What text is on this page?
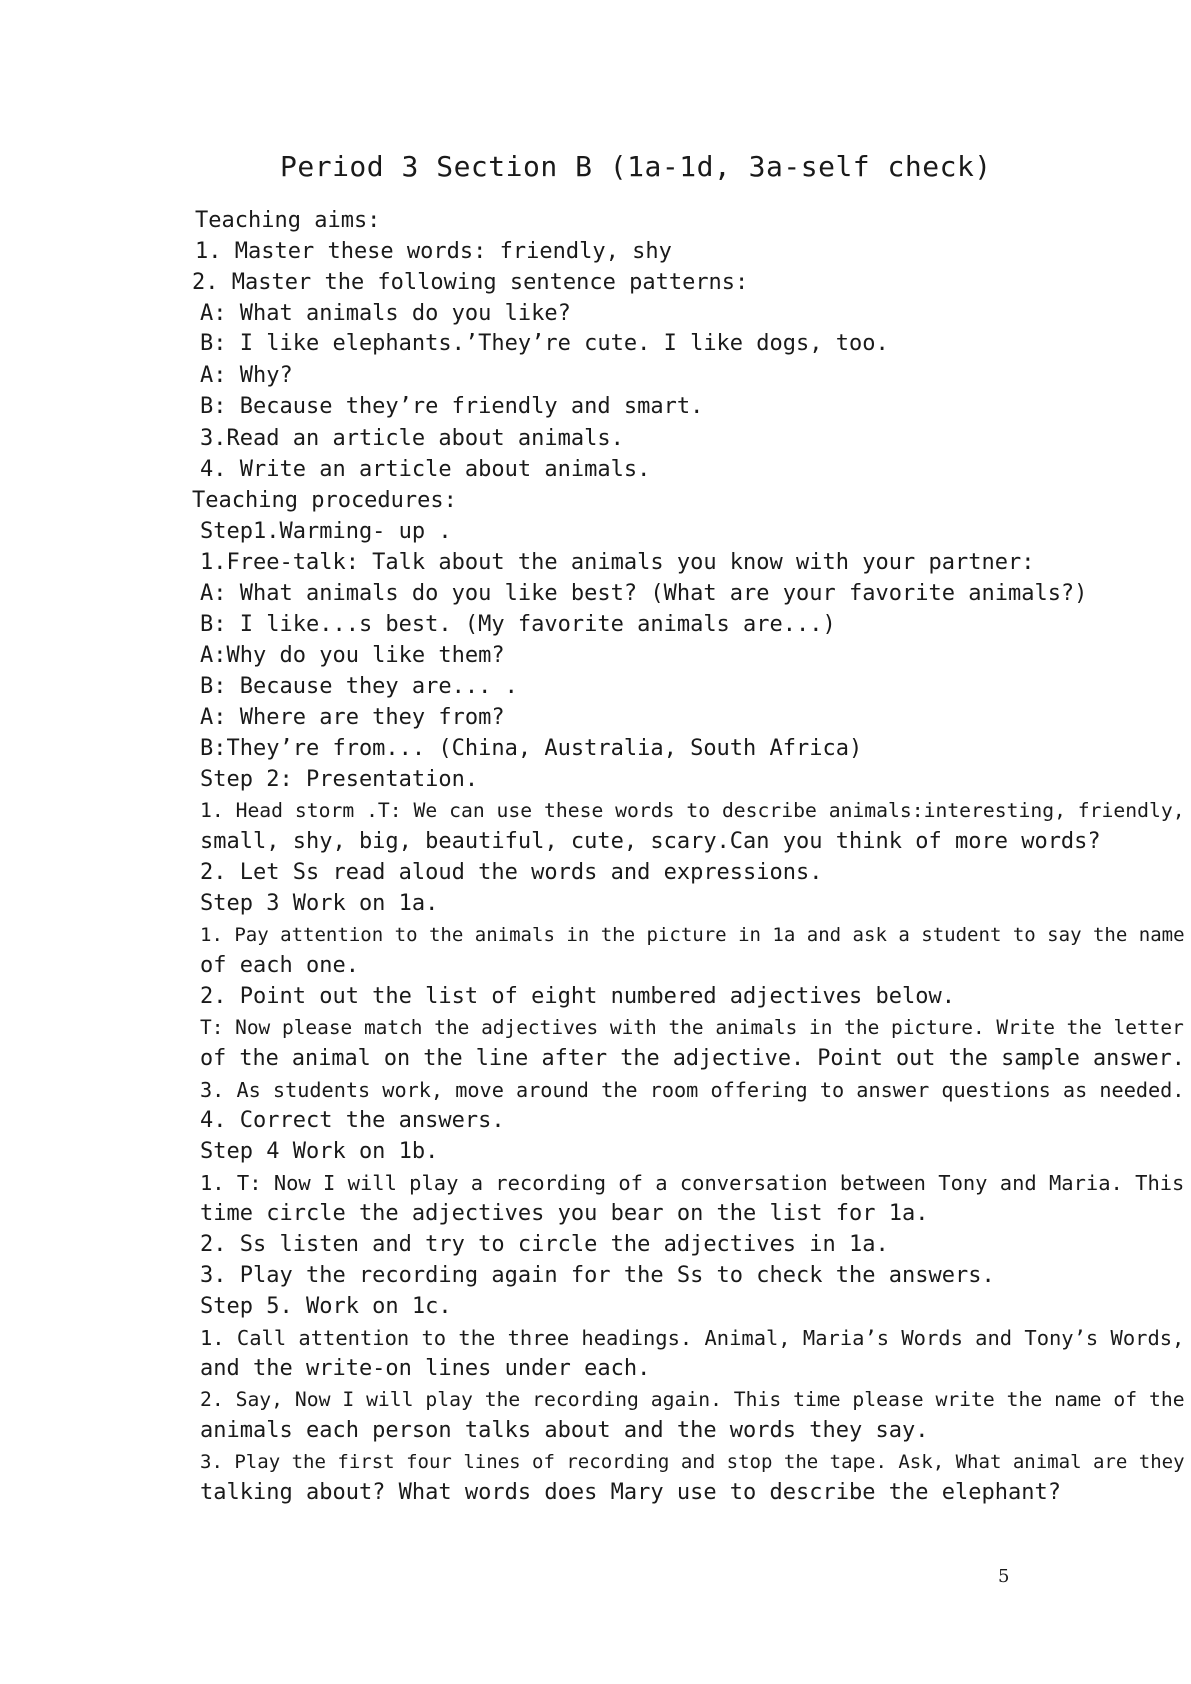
Period 3 Section B (1a-1d, 3a-self check)
Teaching aims:
1. Master these words: friendly, shy
2. Master the following sentence patterns:
A: What animals do you like?
B: I like elephants.’They’re cute. I like dogs, too.
A: Why?
B: Because they’re friendly and smart.
3.Read an article about animals.
4. Write an article about animals.
Teaching procedures:
Step1.Warming- up .
1.Free-talk: Talk about the animals you know with your partner:
A: What animals do you like best? (What are your favorite animals?)
B: I like...s best. (My favorite animals are...)
A:Why do you like them?
B: Because they are... .
A: Where are they from?
B:They’re from... (China, Australia, South Africa)
Step 2: Presentation.
1. Head storm .T: We can use these words to describe animals:interesting, friendly,
small, shy, big, beautiful, cute, scary.Can you think of more words?
2. Let Ss read aloud the words and expressions.
Step 3 Work on 1a.
1. Pay attention to the animals in the picture in 1a and ask a student to say the name
of each one.
2. Point out the list of eight numbered adjectives below.
T: Now please match the adjectives with the animals in the picture. Write the letter
of the animal on the line after the adjective. Point out the sample answer.
3. As students work, move around the room offering to answer questions as needed.
4. Correct the answers.
Step 4 Work on 1b.
1. T: Now I will play a recording of a conversation between Tony and Maria. This
time circle the adjectives you bear on the list for 1a.
2. Ss listen and try to circle the adjectives in 1a.
3. Play the recording again for the Ss to check the answers.
Step 5. Work on 1c.
1. Call attention to the three headings. Animal, Maria’s Words and Tony’s Words,
and the write-on lines under each.
2. Say, Now I will play the recording again. This time please write the name of the
animals each person talks about and the words they say.
3. Play the first four lines of recording and stop the tape. Ask, What animal are they
talking about? What words does Mary use to describe the elephant?
5
